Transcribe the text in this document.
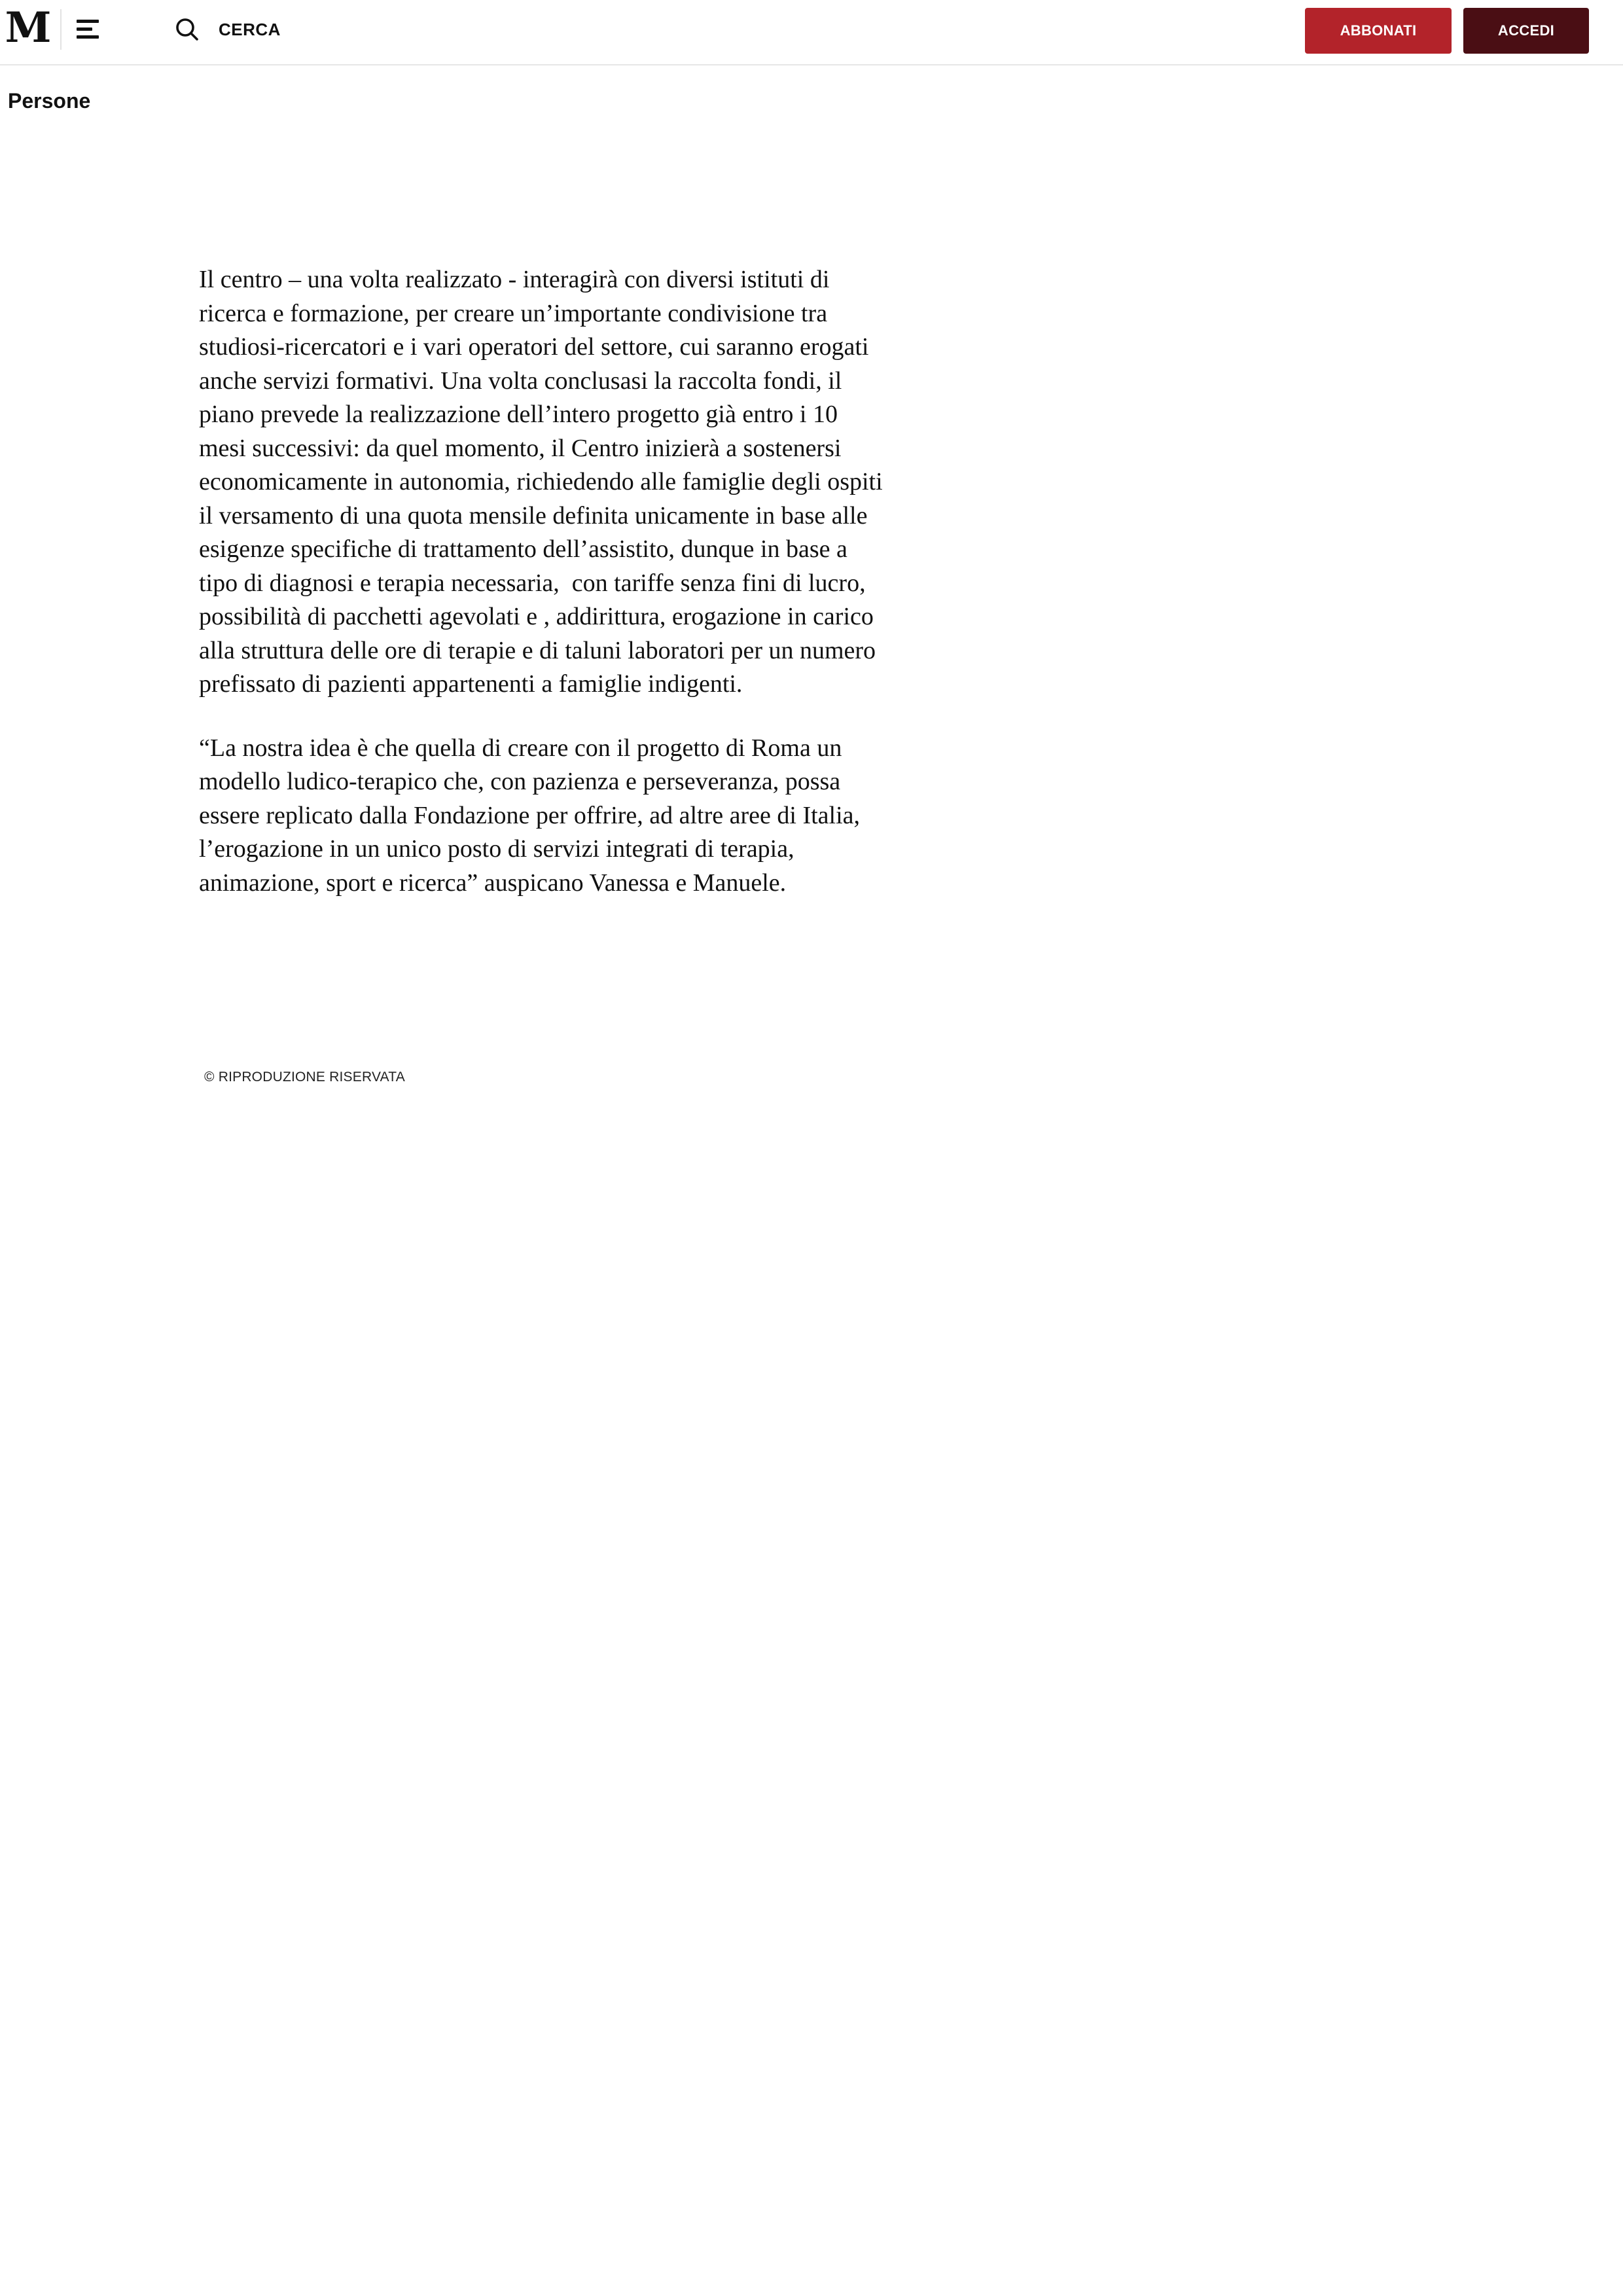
M	CERCA	ABBONATI	ACCEDI
Persone

Il centro – una volta realizzato - interagirà con diversi istituti di ricerca e formazione, per creare un’importante condivisione tra studiosi-ricercatori e i vari operatori del settore, cui saranno erogati anche servizi formativi. Una volta conclusasi la raccolta fondi, il piano prevede la realizzazione dell’intero progetto già entro i 10 mesi successivi: da quel momento, il Centro inizierà a sostenersi economicamente in autonomia, richiedendo alle famiglie degli ospiti il versamento di una quota mensile definita unicamente in base alle esigenze specifiche di trattamento dell’assistito, dunque in base a tipo di diagnosi e terapia necessaria,  con tariffe senza fini di lucro, possibilità di pacchetti agevolati e , addirittura, erogazione in carico alla struttura delle ore di terapie e di taluni laboratori per un numero prefissato di pazienti appartenenti a famiglie indigenti.

“La nostra idea è che quella di creare con il progetto di Roma un modello ludico-terapico che, con pazienza e perseveranza, possa essere replicato dalla Fondazione per offrire, ad altre aree di Italia, l’erogazione in un unico posto di servizi integrati di terapia, animazione, sport e ricerca” auspicano Vanessa e Manuele.

© RIPRODUZIONE RISERVATA
